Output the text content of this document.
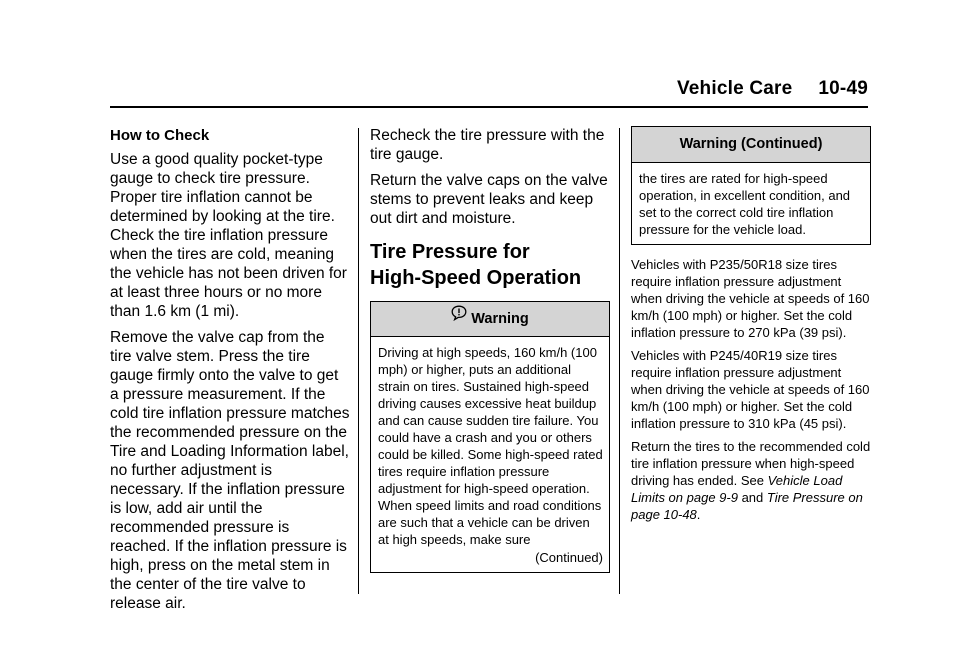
Vehicle Care 10-49
How to Check

Use a good quality pocket-type gauge to check tire pressure. Proper tire inflation cannot be determined by looking at the tire. Check the tire inflation pressure when the tires are cold, meaning the vehicle has not been driven for at least three hours or no more than 1.6 km (1 mi).

Remove the valve cap from the tire valve stem. Press the tire gauge firmly onto the valve to get a pressure measurement. If the cold tire inflation pressure matches the recommended pressure on the Tire and Loading Information label, no further adjustment is necessary. If the inflation pressure is low, add air until the recommended pressure is reached. If the inflation pressure is high, press on the metal stem in the center of the tire valve to release air.

Recheck the tire pressure with the tire gauge.

Return the valve caps on the valve stems to prevent leaks and keep out dirt and moisture.

Tire Pressure for
High-Speed Operation
Warning
Driving at high speeds, 160 km/h (100 mph) or higher, puts an additional strain on tires. Sustained high-speed driving causes excessive heat buildup and can cause sudden tire failure. You could have a crash and you or others could be killed. Some high-speed rated tires require inflation pressure adjustment for high-speed operation. When speed limits and road conditions are such that a vehicle can be driven at high speeds, make sure
(Continued)
Warning (Continued)
the tires are rated for high-speed operation, in excellent condition, and set to the correct cold tire inflation pressure for the vehicle load.

Vehicles with P235/50R18 size tires require inflation pressure adjustment when driving the vehicle at speeds of 160 km/h (100 mph) or higher. Set the cold inflation pressure to 270 kPa (39 psi).

Vehicles with P245/40R19 size tires require inflation pressure adjustment when driving the vehicle at speeds of 160 km/h (100 mph) or higher. Set the cold inflation pressure to 310 kPa (45 psi).

Return the tires to the recommended cold tire inflation pressure when high-speed driving has ended. See Vehicle Load Limits on page 9-9 and Tire Pressure on page 10-48.
